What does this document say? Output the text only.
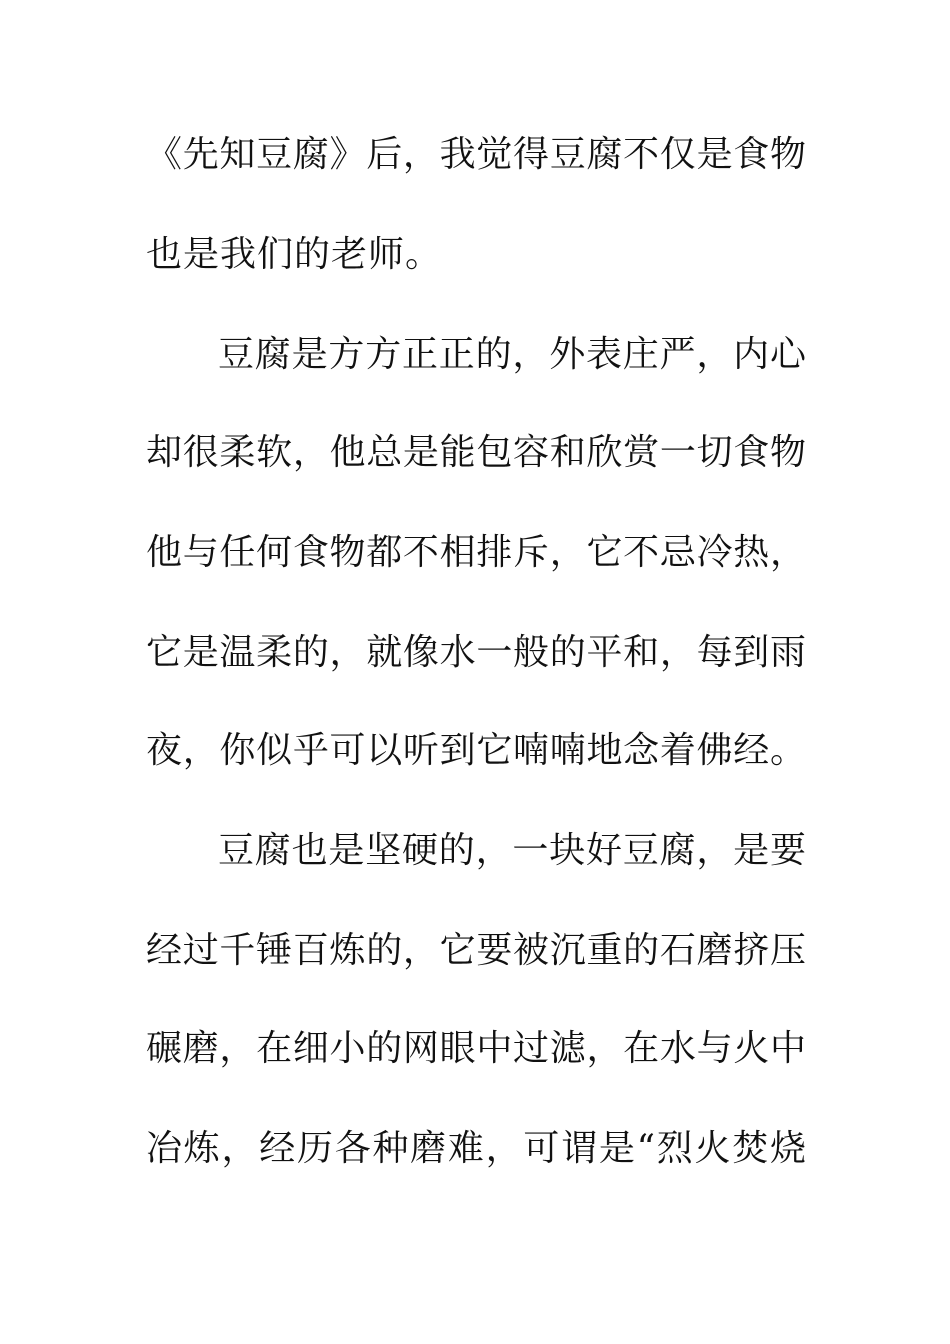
《先知豆腐》后，我觉得豆腐不仅是食物
也是我们的老师。
豆腐是方方正正的，外表庄严，内心
却很柔软，他总是能包容和欣赏一切食物
他与任何食物都不相排斥，它不忌冷热，
它是温柔的，就像水一般的平和，每到雨
夜，你似乎可以听到它喃喃地念着佛经。
豆腐也是坚硬的，一块好豆腐，是要
经过千锤百炼的，它要被沉重的石磨挤压
碾磨，在细小的网眼中过滤，在水与火中
冶炼，经历各种磨难，可谓是“烈火焚烧
